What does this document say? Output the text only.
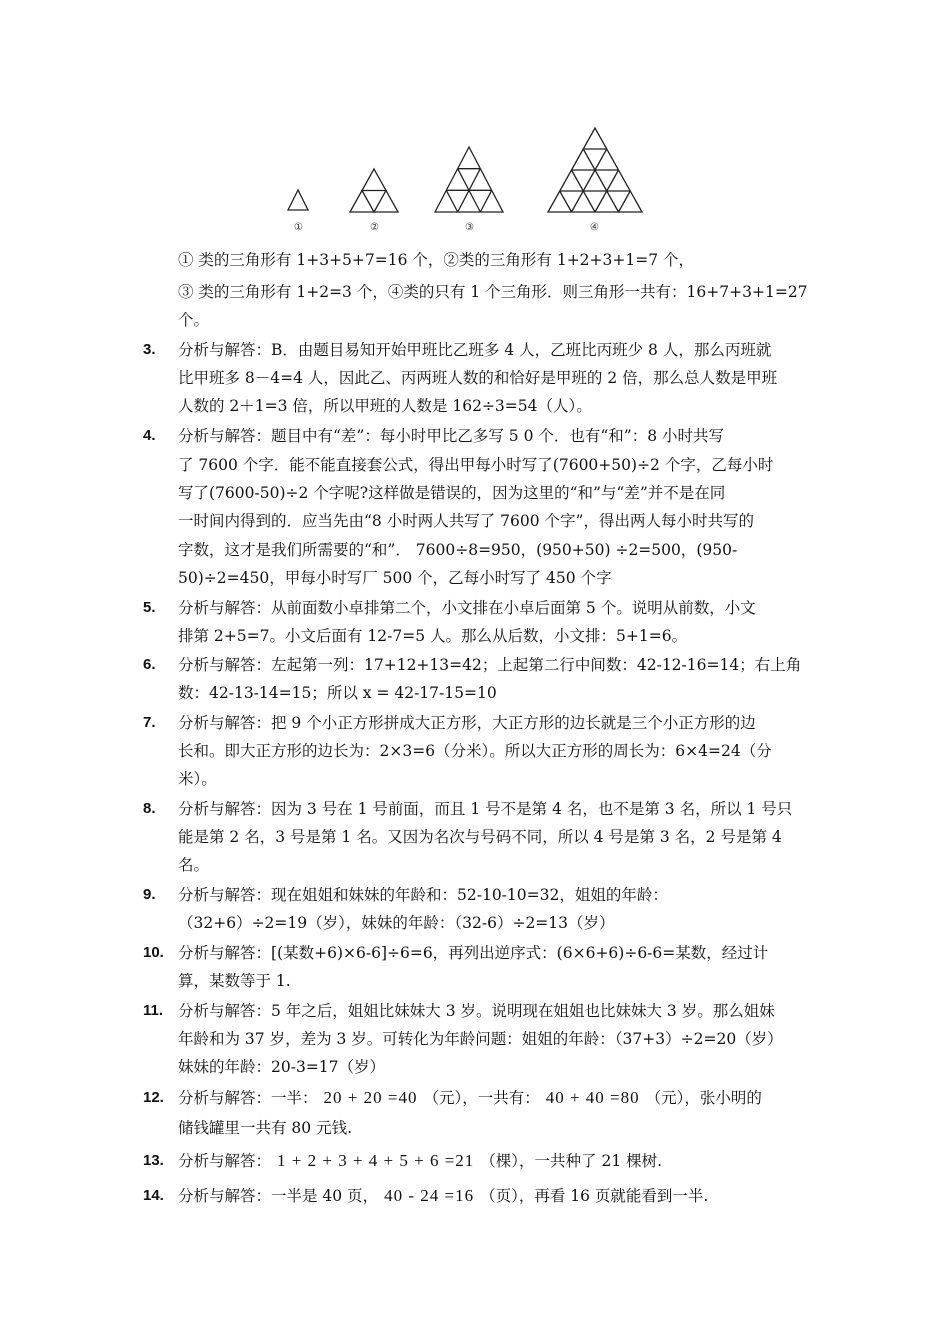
①	②	③	④
① 类的三角形有 1+3+5+7=16 个，②类的三角形有 1+2+3+1=7 个，
③ 类的三角形有 1+2=3 个，④类的只有 1 个三角形．则三角形一共有：16+7+3+1=27
个。
3. 分析与解答：B．由题目易知开始甲班比乙班多 4 人，乙班比丙班少 8 人，那么丙班就
比甲班多 8－4=4 人，因此乙、丙两班人数的和恰好是甲班的 2 倍，那么总人数是甲班
人数的 2＋1=3 倍，所以甲班的人数是 162÷3=54（人）。
4. 分析与解答：题目中有“差”：每小时甲比乙多写 5 0 个．也有“和”：8 小时共写
了 7600 个字．能不能直接套公式，得出甲每小时写了(7600+50)÷2 个字，乙每小时
写了(7600-50)÷2 个字呢?这样做是错误的，因为这里的“和”与“差”并不是在同
一时间内得到的．应当先由“8 小时两人共写了 7600 个字”，得出两人每小时共写的
字数，这才是我们所需要的“和”． 7600÷8=950，(950+50) ÷2=500，(950-
50)÷2=450，甲每小时写厂 500 个，乙每小时写了 450 个字
5. 分析与解答：从前面数小卓排第二个，小文排在小卓后面第 5 个。说明从前数，小文
排第 2+5=7。小文后面有 12-7=5 人。那么从后数，小文排：5+1=6。
6. 分析与解答：左起第一列：17+12+13=42；上起第二行中间数：42-12-16=14；右上角
数：42-13-14=15；所以 x = 42-17-15=10
7. 分析与解答：把 9 个小正方形拼成大正方形，大正方形的边长就是三个小正方形的边
长和。即大正方形的边长为：2×3=6（分米）。所以大正方形的周长为：6×4=24（分
米）。
8. 分析与解答：因为 3 号在 1 号前面，而且 1 号不是第 4 名，也不是第 3 名，所以 1 号只
能是第 2 名，3 号是第 1 名。又因为名次与号码不同，所以 4 号是第 3 名，2 号是第 4
名。
9. 分析与解答：现在姐姐和妹妹的年龄和：52-10-10=32，姐姐的年龄：
（32+6）÷2=19（岁），妹妹的年龄：（32-6）÷2=13（岁）
10. 分析与解答：[(某数+6)×6-6]÷6=6，再列出逆序式：(6×6+6)÷6-6=某数，经过计
算，某数等于 1.
11. 分析与解答：5 年之后，姐姐比妹妹大 3 岁。说明现在姐姐也比妹妹大 3 岁。那么姐妹
年龄和为 37 岁，差为 3 岁。可转化为年龄问题：姐姐的年龄：（37+3）÷2=20（岁）
妹妹的年龄：20-3=17（岁）
12. 分析与解答：一半： 20 + 20 =40 （元），一共有： 40 + 40 =80 （元），张小明的
储钱罐里一共有 80 元钱.
13. 分析与解答： 1 + 2 + 3 + 4 + 5 + 6 =21 （棵），一共种了 21 棵树.
14. 分析与解答：一半是 40 页， 40 - 24 =16 （页），再看 16 页就能看到一半.
